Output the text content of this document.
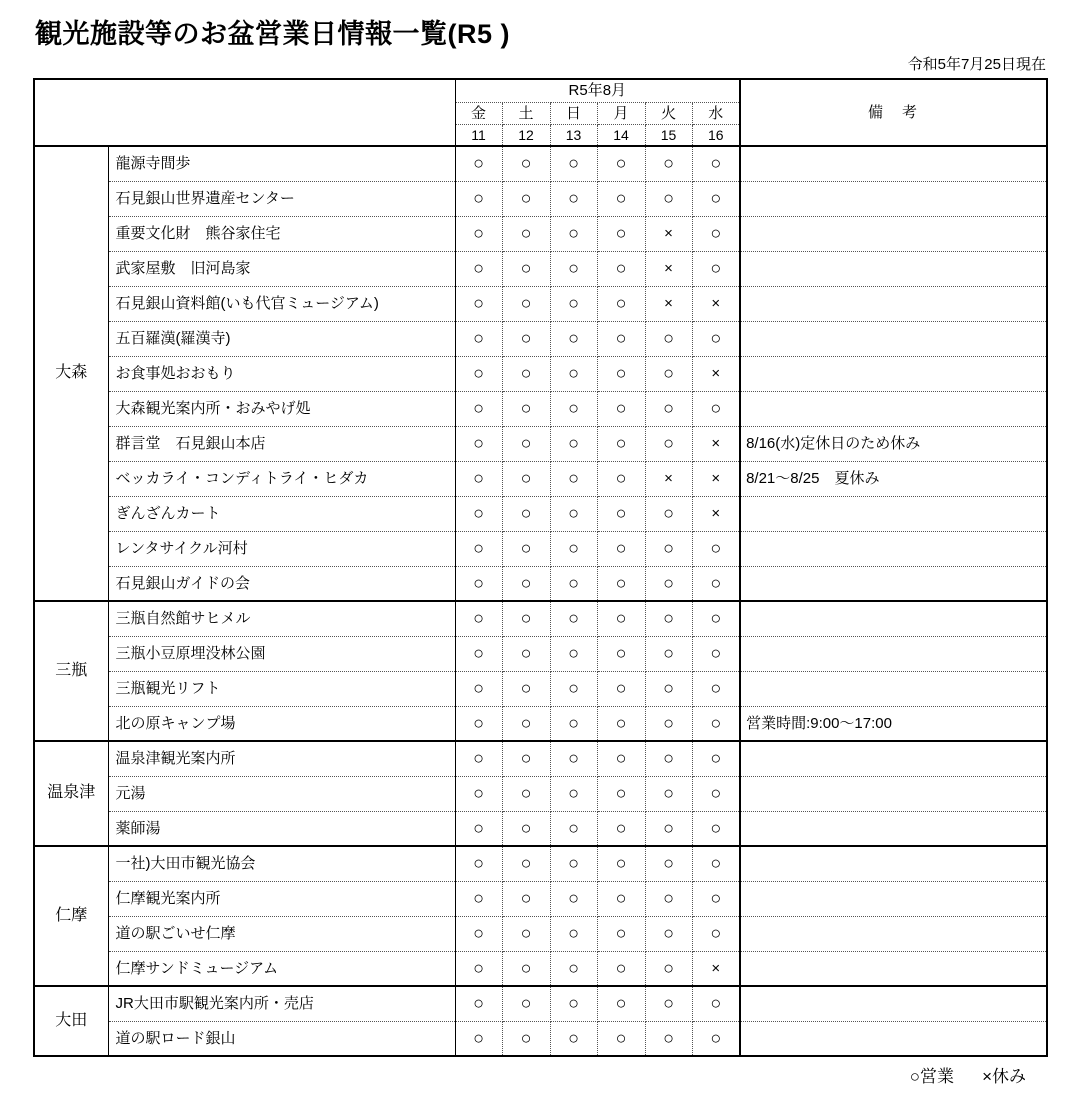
観光施設等のお盆営業日情報一覧(R5 )
令和5年7月25日現在
		R5年8月						備　考
		金	土	日	月	火	水	
		11	12	13	14	15	16	
大森	龍源寺間歩	○	○	○	○	○	○	
	石見銀山世界遺産センター	○	○	○	○	○	○	
	重要文化財　熊谷家住宅	○	○	○	○	×	○	
	武家屋敷　旧河島家	○	○	○	○	×	○	
	石見銀山資料館(いも代官ミュージアム)	○	○	○	○	×	×	
	五百羅漢(羅漢寺)	○	○	○	○	○	○	
	お食事処おおもり	○	○	○	○	○	×	
	大森観光案内所・おみやげ処	○	○	○	○	○	○	
	群言堂　石見銀山本店	○	○	○	○	○	×	8/16(水)定休日のため休み
	ベッカライ・コンディトライ・ヒダカ	○	○	○	○	×	×	8/21～8/25　夏休み
	ぎんざんカート	○	○	○	○	○	×	
	レンタサイクル河村	○	○	○	○	○	○	
	石見銀山ガイドの会	○	○	○	○	○	○	
三瓶	三瓶自然館サヒメル	○	○	○	○	○	○	
	三瓶小豆原埋没林公園	○	○	○	○	○	○	
	三瓶観光リフト	○	○	○	○	○	○	
	北の原キャンプ場	○	○	○	○	○	○	営業時間:9:00～17:00
温泉津	温泉津観光案内所	○	○	○	○	○	○	
	元湯	○	○	○	○	○	○	
	薬師湯	○	○	○	○	○	○	
仁摩	一社)大田市観光協会	○	○	○	○	○	○	
	仁摩観光案内所	○	○	○	○	○	○	
	道の駅ごいせ仁摩	○	○	○	○	○	○	
	仁摩サンドミュージアム	○	○	○	○	○	×	
大田	JR大田市駅観光案内所・売店	○	○	○	○	○	○	
	道の駅ロード銀山	○	○	○	○	○	○	
○営業 ×休み
